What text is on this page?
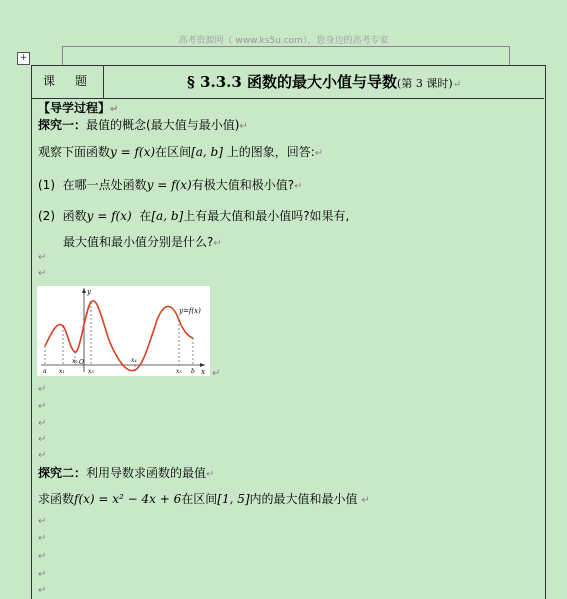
高考资源网（ www.ks5u.com），您身边的高考专家
+
课　题	§ 3.3.3 函数的最大小值与导数(第 3 课时)↵
【导学过程】↵
探究一：最值的概念(最大值与最小值)↵
观察下面函数y = f(x)在区间[a, b] 上的图象，回答:↵
(1) 在哪一点处函数y = f(x)有极大值和极小值?↵
(2) 函数y = f(x) 在[a, b]上有最大值和最小值吗?如果有,
最大值和最小值分别是什么?↵
↵
↵
y=f(x)
y
x
O
a x₁
x₂
x₃
x₄
x₅ b ↵
↵
↵
↵
↵
↵
探究二：利用导数求函数的最值↵
求函数f(x) = x² − 4x + 6在区间[1, 5]内的最大值和最小值 ↵
↵
↵
↵
↵
↵
